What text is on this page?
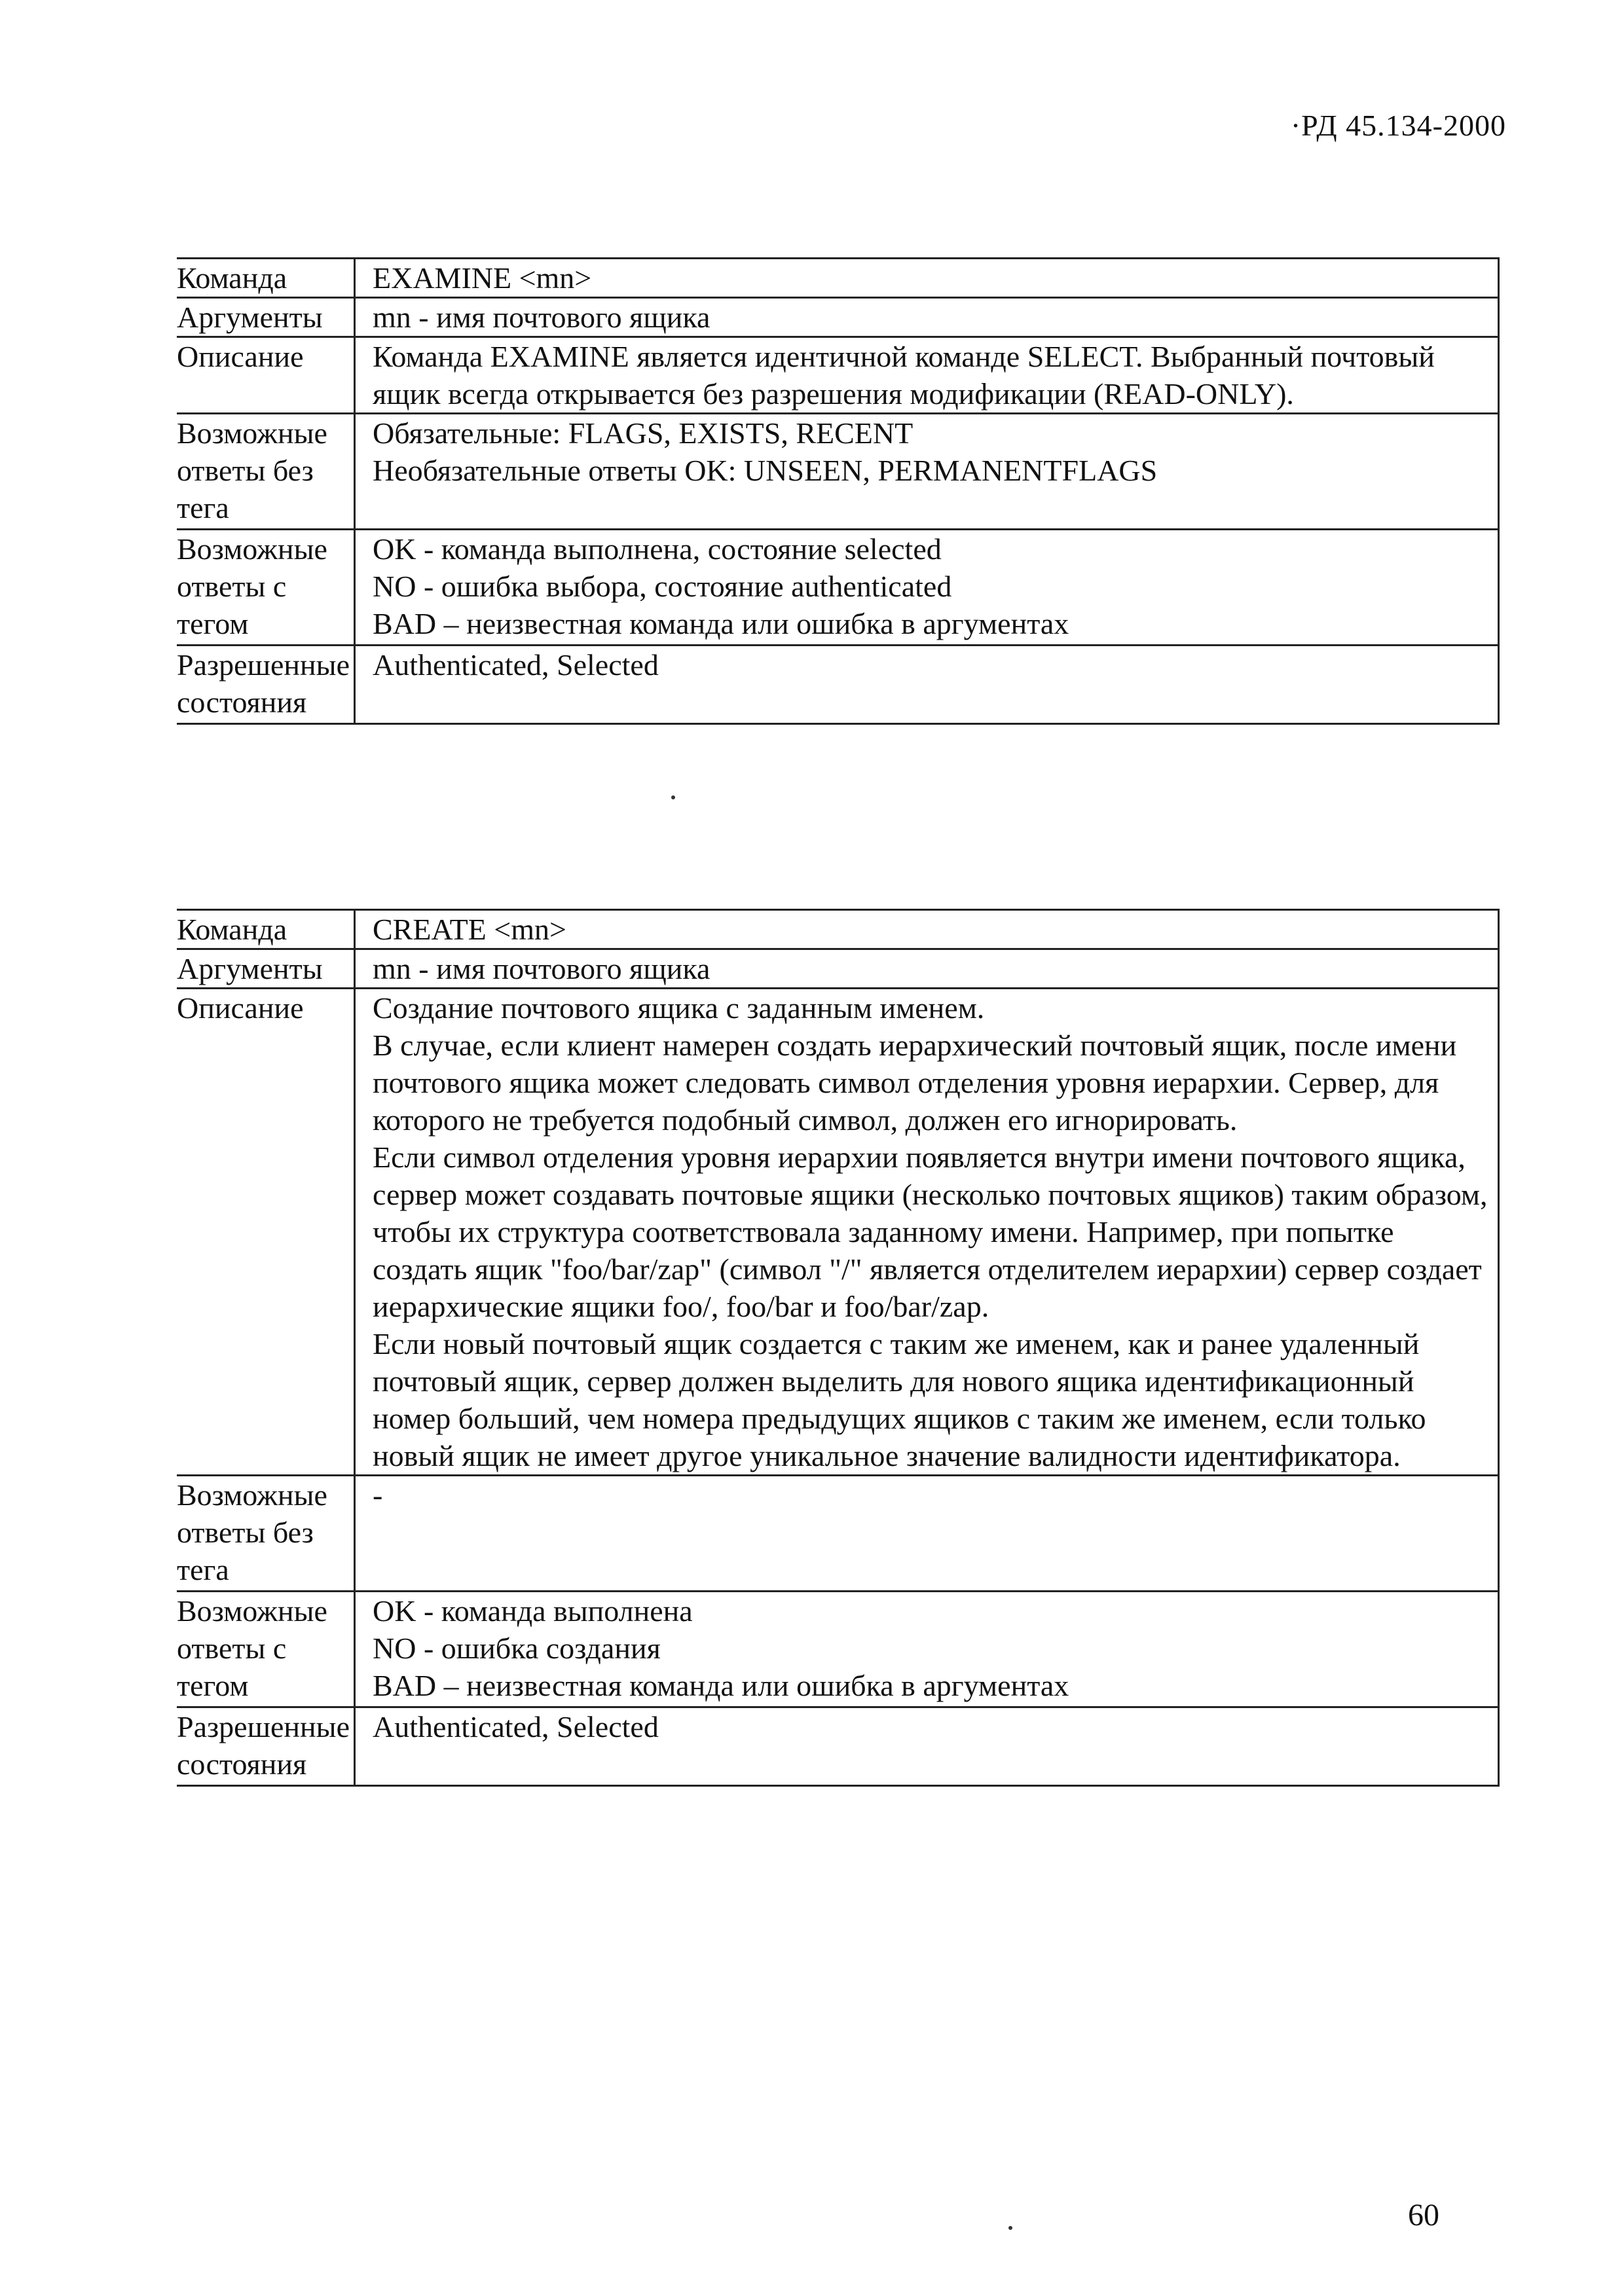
·РД 45.134-2000
Команда	EXAMINE <mn>

Аргументы	mn - имя почтового ящика

Описание	Команда EXAMINE является идентичной команде SELECT. Выбранный почтовый ящик всегда открывается без разрешения модификации (READ-ONLY).

Возможные ответы без тега	Обязательные: FLAGS, EXISTS, RECENT
Необязательные ответы OK: UNSEEN, PERMANENTFLAGS

Возможные ответы с тегом	OK - команда выполнена, состояние selected
NO - ошибка выбора, состояние authenticated
BAD – неизвестная команда или ошибка в аргументах

Разрешенные состояния	Authenticated, Selected
Команда	CREATE <mn>

Аргументы	mn - имя почтового ящика

Описание	Создание почтового ящика с заданным именем.
В случае, если клиент намерен создать иерархический почтовый ящик, после имени почтового ящика может следовать символ отделения уровня иерархии. Сервер, для которого не требуется подобный символ, должен его игнорировать.
Если символ отделения уровня иерархии появляется внутри имени почтового ящика, сервер может создавать почтовые ящики (несколько почтовых ящиков) таким образом, чтобы их структура соответствовала заданному имени. Например, при попытке создать ящик "foo/bar/zap" (символ "/" является отделителем иерархии) сервер создает иерархические ящики foo/, foo/bar и foo/bar/zap.
Если новый почтовый ящик создается с таким же именем, как и ранее удаленный почтовый ящик, сервер должен выделить для нового ящика идентификационный номер больший, чем номера предыдущих ящиков с таким же именем, если только новый ящик не имеет другое уникальное значение валидности идентификатора.

Возможные ответы без тега	-

Возможные ответы с тегом	OK - команда выполнена
NO - ошибка создания
BAD – неизвестная команда или ошибка в аргументах

Разрешенные состояния	Authenticated, Selected
60
